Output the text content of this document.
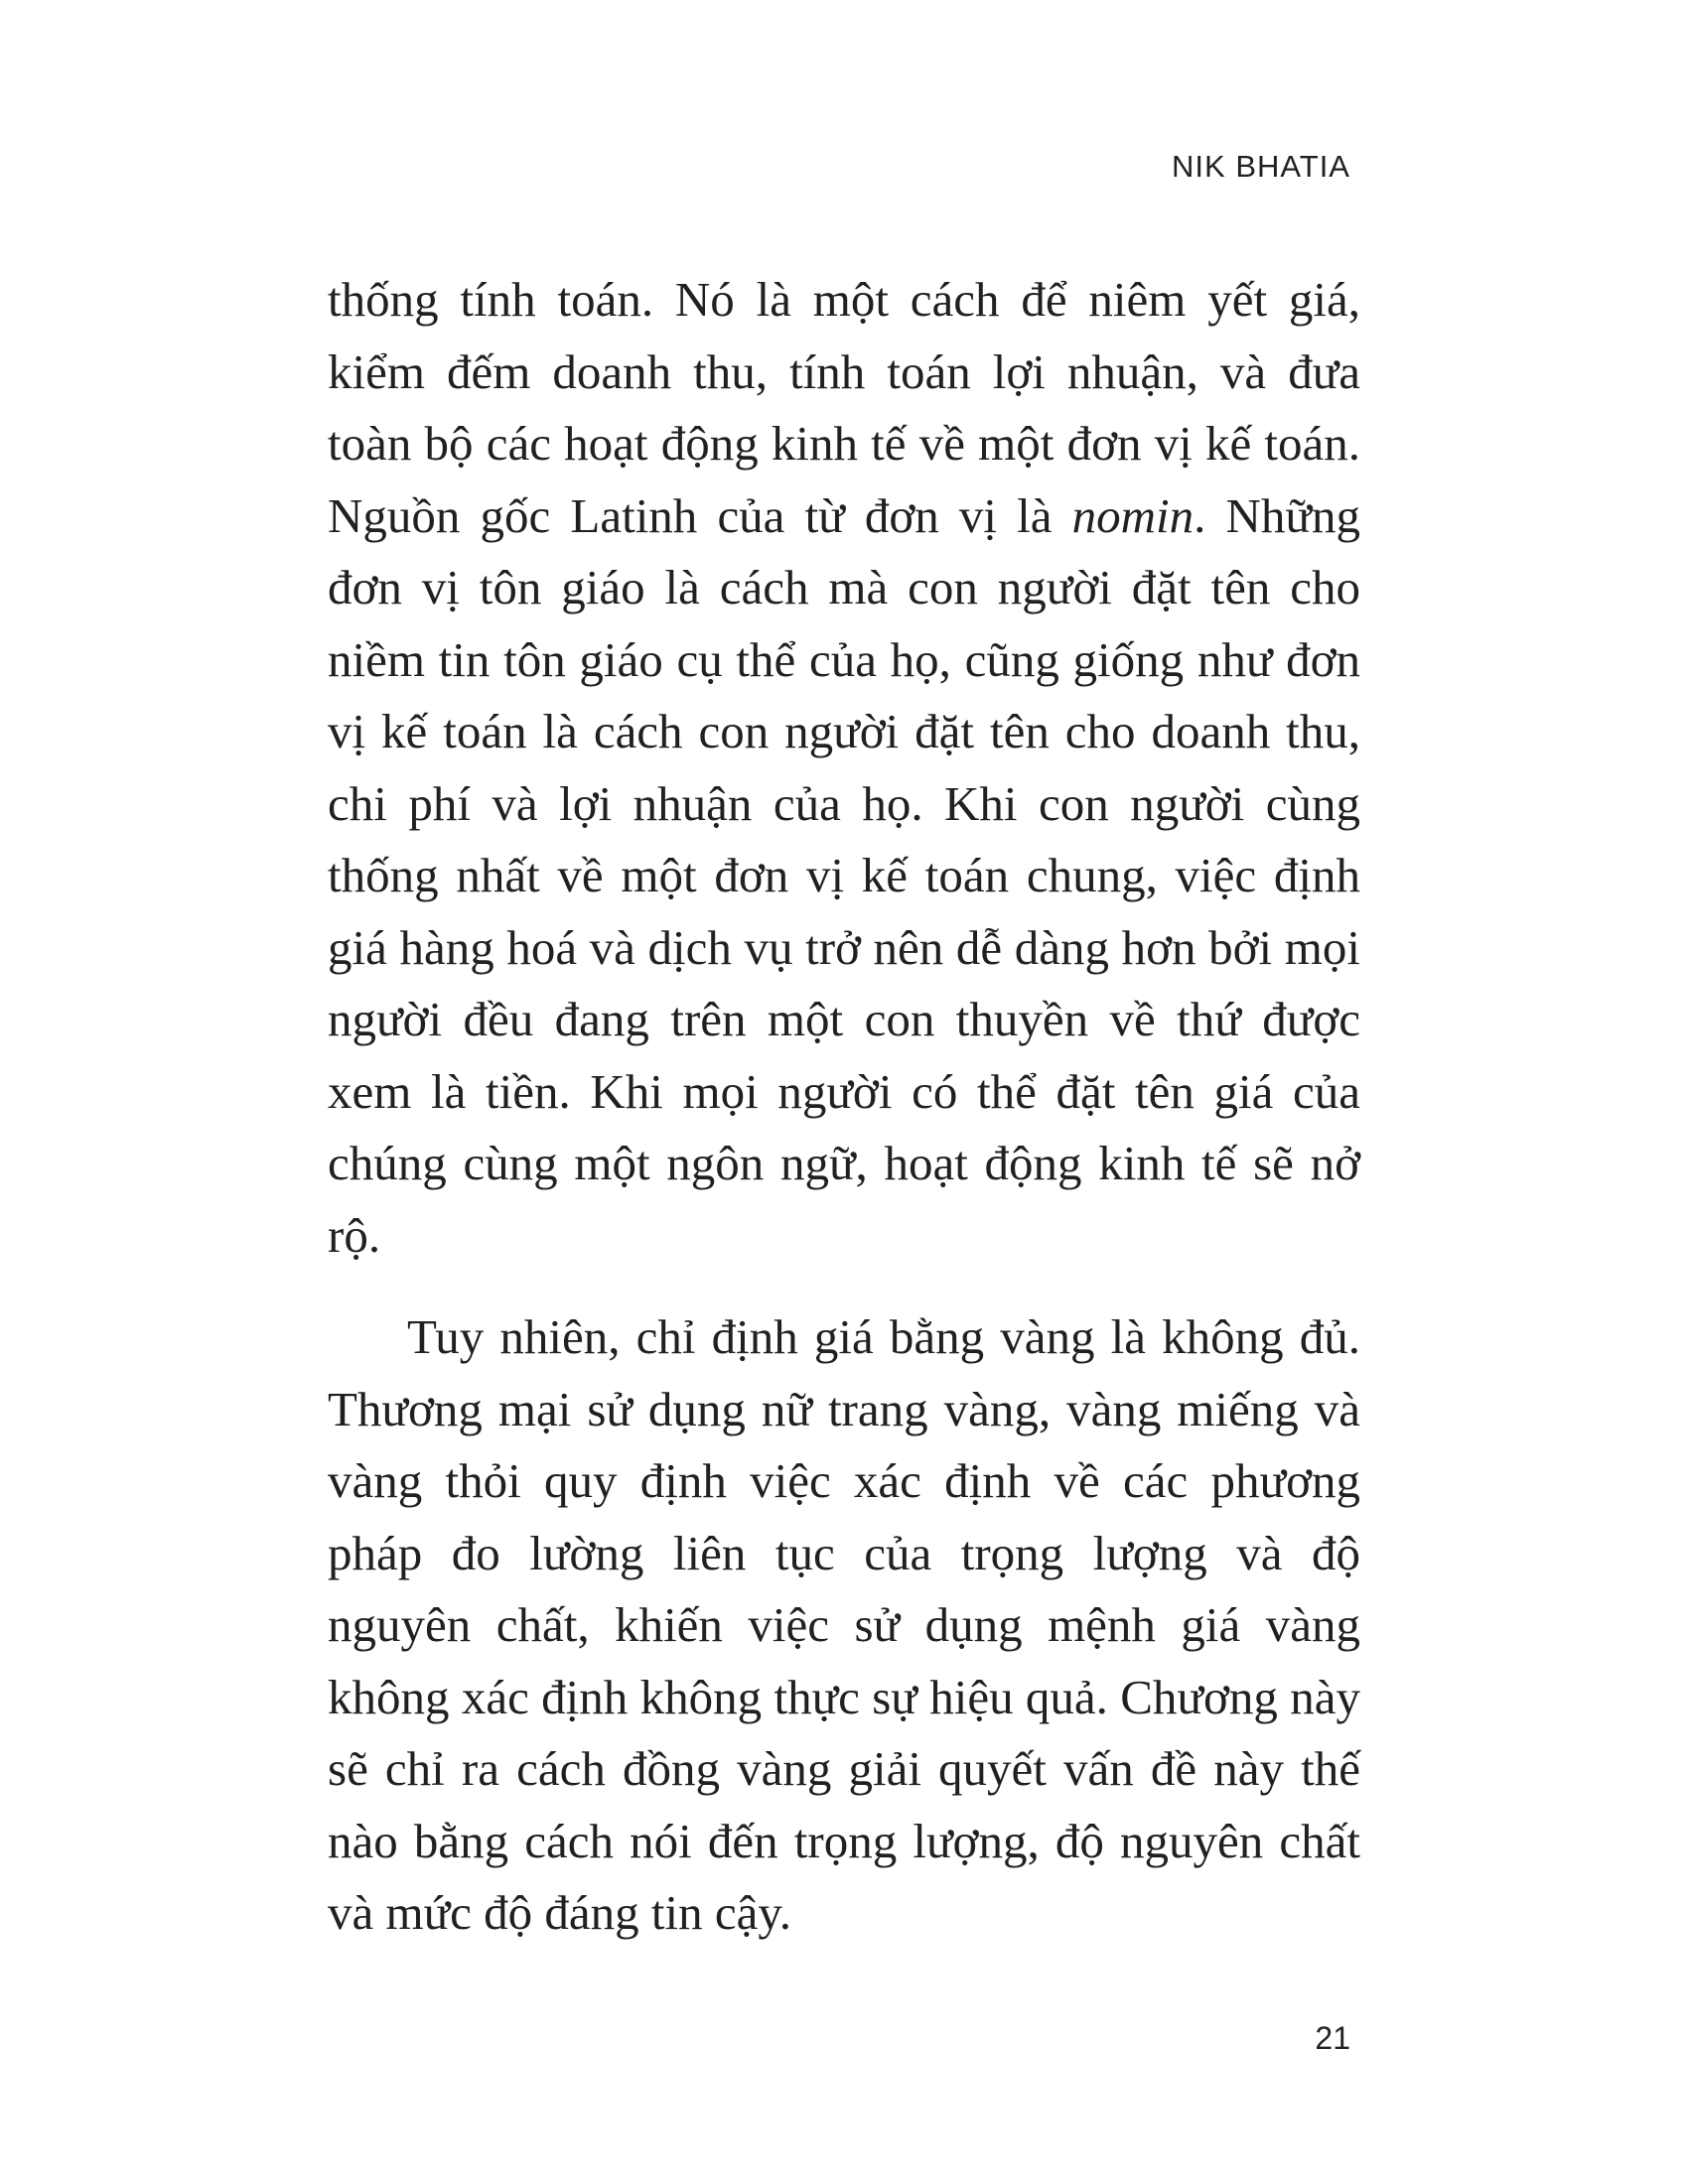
NIK BHATIA

thống tính toán. Nó là một cách để niêm yết giá, kiểm đếm doanh thu, tính toán lợi nhuận, và đưa toàn bộ các hoạt động kinh tế về một đơn vị kế toán. Nguồn gốc Latinh của từ đơn vị là nomin. Những đơn vị tôn giáo là cách mà con người đặt tên cho niềm tin tôn giáo cụ thể của họ, cũng giống như đơn vị kế toán là cách con người đặt tên cho doanh thu, chi phí và lợi nhuận của họ. Khi con người cùng thống nhất về một đơn vị kế toán chung, việc định giá hàng hoá và dịch vụ trở nên dễ dàng hơn bởi mọi người đều đang trên một con thuyền về thứ được xem là tiền. Khi mọi người có thể đặt tên giá của chúng cùng một ngôn ngữ, hoạt động kinh tế sẽ nở rộ.

Tuy nhiên, chỉ định giá bằng vàng là không đủ. Thương mại sử dụng nữ trang vàng, vàng miếng và vàng thỏi quy định việc xác định về các phương pháp đo lường liên tục của trọng lượng và độ nguyên chất, khiến việc sử dụng mệnh giá vàng không xác định không thực sự hiệu quả. Chương này sẽ chỉ ra cách đồng vàng giải quyết vấn đề này thế nào bằng cách nói đến trọng lượng, độ nguyên chất và mức độ đáng tin cậy.

21
